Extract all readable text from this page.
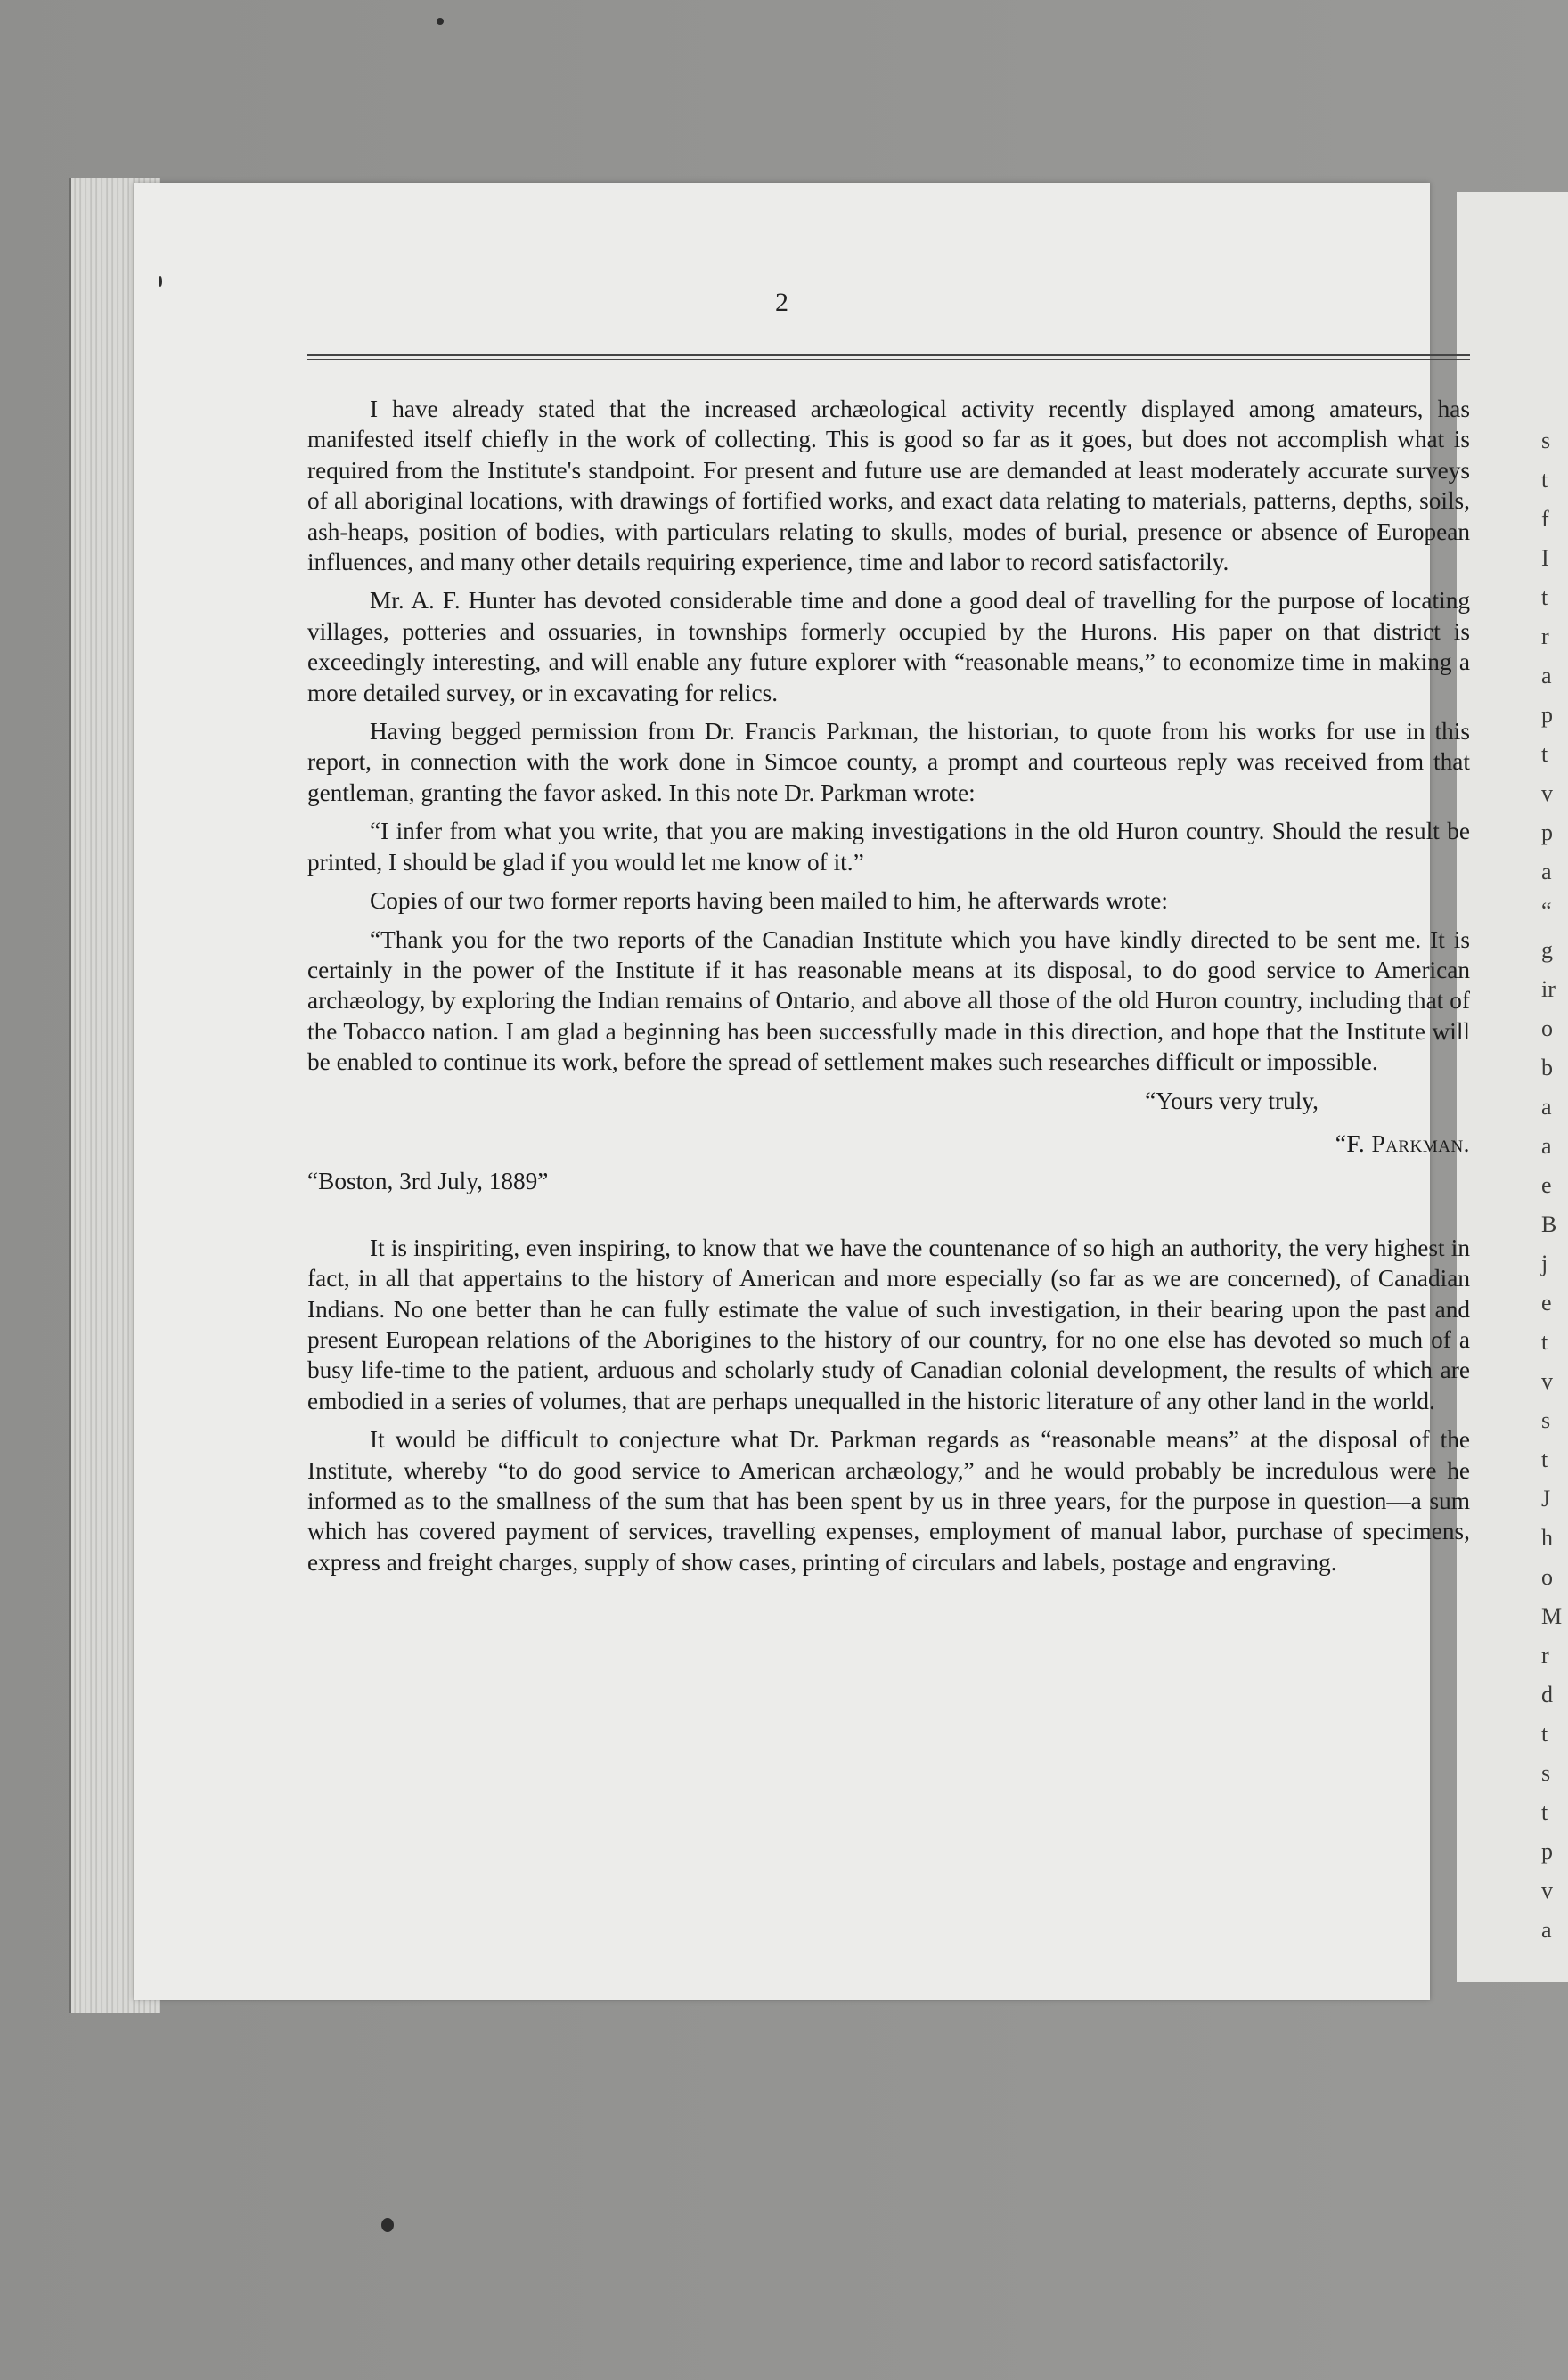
s
t
f
I
t
r
a
p
t
v
p
a
“
g
ir
o
b
a
a
e
B
j
e
t
v
s
t
J
h
o
M
r
d
t
s
t
p
v
a
2

I have already stated that the increased archæological activity recently displayed among amateurs, has manifested itself chiefly in the work of collecting. This is good so far as it goes, but does not accomplish what is required from the Institute's standpoint. For present and future use are demanded at least moderately accurate surveys of all aboriginal locations, with drawings of fortified works, and exact data relating to materials, patterns, depths, soils, ash-heaps, position of bodies, with particulars relating to skulls, modes of burial, presence or absence of European influences, and many other details requiring experience, time and labor to record satisfactorily.

Mr. A. F. Hunter has devoted considerable time and done a good deal of travelling for the purpose of locating villages, potteries and ossuaries, in townships formerly occupied by the Hurons. His paper on that district is exceedingly interesting, and will enable any future explorer with “reasonable means,” to economize time in making a more detailed survey, or in excavating for relics.

Having begged permission from Dr. Francis Parkman, the historian, to quote from his works for use in this report, in connection with the work done in Simcoe county, a prompt and courteous reply was received from that gentleman, granting the favor asked. In this note Dr. Parkman wrote:

“I infer from what you write, that you are making investigations in the old Huron country. Should the result be printed, I should be glad if you would let me know of it.”

Copies of our two former reports having been mailed to him, he afterwards wrote:

“Thank you for the two reports of the Canadian Institute which you have kindly directed to be sent me. It is certainly in the power of the Institute if it has reasonable means at its disposal, to do good service to American archæology, by exploring the Indian remains of Ontario, and above all those of the old Huron country, including that of the Tobacco nation. I am glad a beginning has been successfully made in this direction, and hope that the Institute will be enabled to continue its work, before the spread of settlement makes such researches difficult or impossible.

“Yours very truly,
“F. Parkman.

“Boston, 3rd July, 1889”

It is inspiriting, even inspiring, to know that we have the countenance of so high an authority, the very highest in fact, in all that appertains to the history of American and more especially (so far as we are concerned), of Canadian Indians. No one better than he can fully estimate the value of such investigation, in their bearing upon the past and present European relations of the Aborigines to the history of our country, for no one else has devoted so much of a busy life-time to the patient, arduous and scholarly study of Canadian colonial development, the results of which are embodied in a series of volumes, that are perhaps unequalled in the historic literature of any other land in the world.

It would be difficult to conjecture what Dr. Parkman regards as “reasonable means” at the disposal of the Institute, whereby “to do good service to American archæology,” and he would probably be incredulous were he informed as to the smallness of the sum that has been spent by us in three years, for the purpose in question—a sum which has covered payment of services, travelling expenses, employment of manual labor, purchase of specimens, express and freight charges, supply of show cases, printing of circulars and labels, postage and engraving.
